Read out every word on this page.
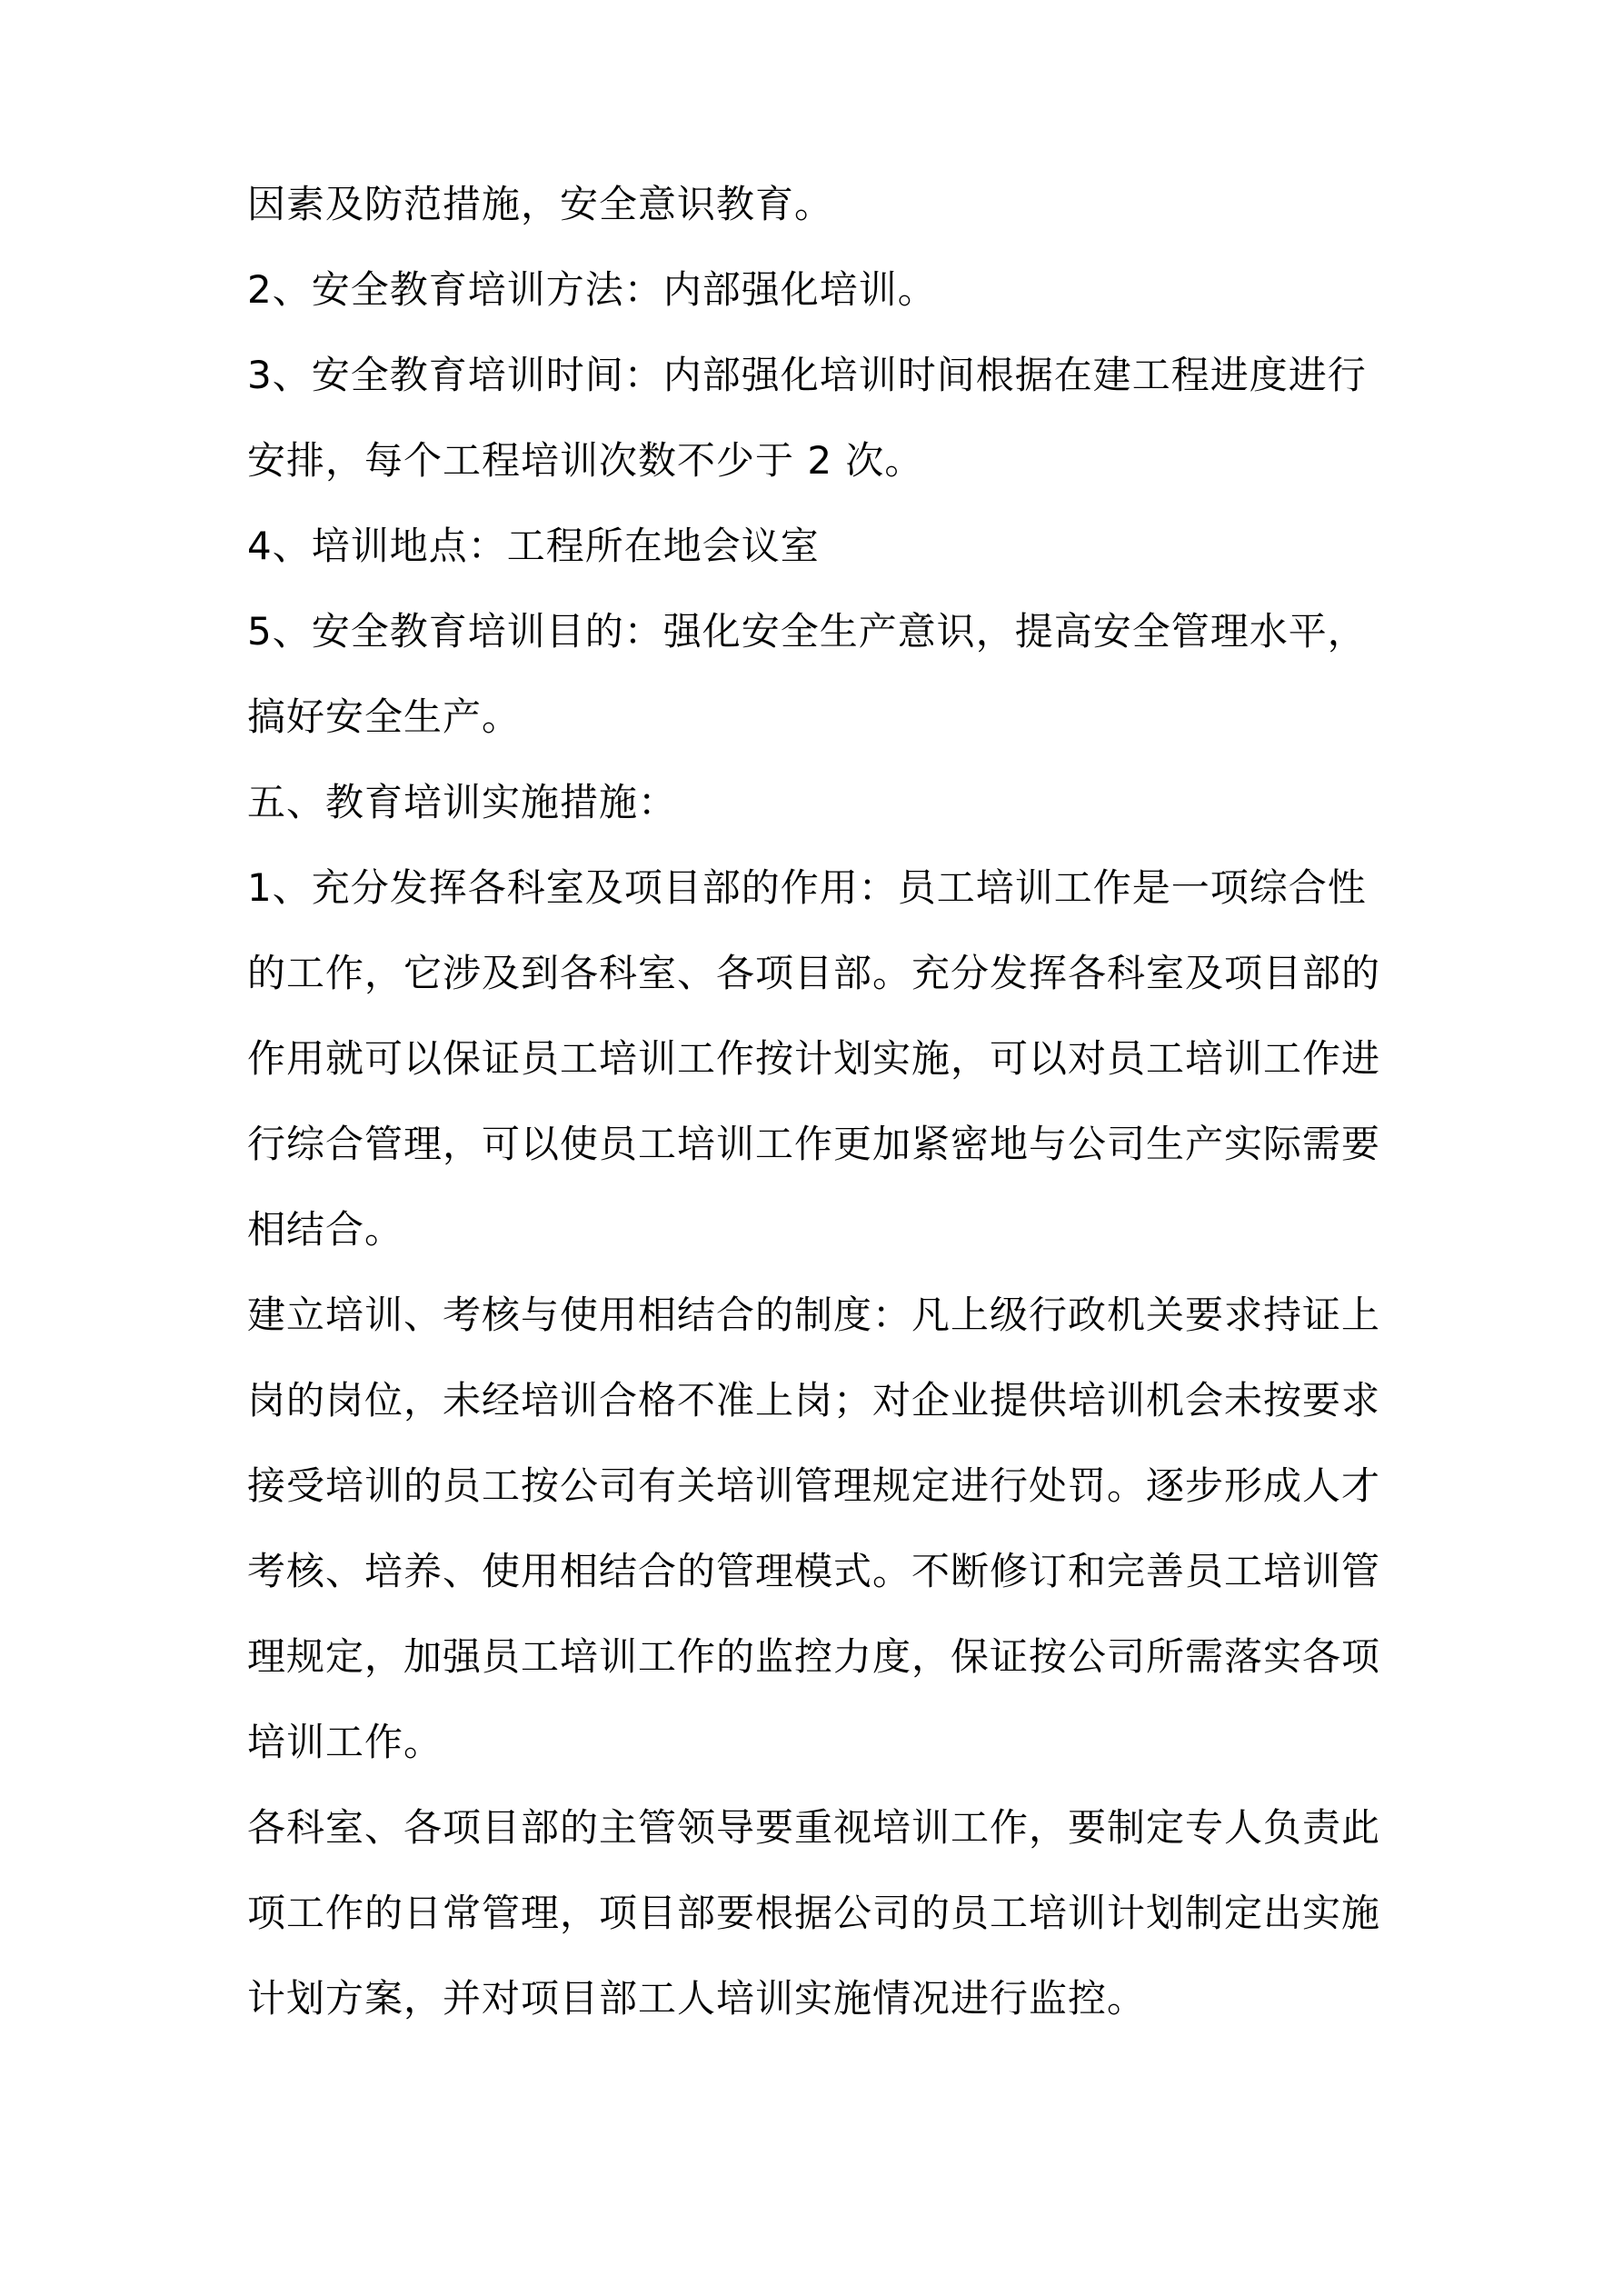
因素及防范措施，安全意识教育。

2、安全教育培训方法：内部强化培训。

3、安全教育培训时间：内部强化培训时间根据在建工程进度进行安排，每个工程培训次数不少于 2 次。

4、培训地点：工程所在地会议室

5、安全教育培训目的：强化安全生产意识，提高安全管理水平，搞好安全生产。

五、教育培训实施措施：

1、充分发挥各科室及项目部的作用：员工培训工作是一项综合性的工作，它涉及到各科室、各项目部。充分发挥各科室及项目部的作用就可以保证员工培训工作按计划实施，可以对员工培训工作进行综合管理，可以使员工培训工作更加紧密地与公司生产实际需要相结合。

建立培训、考核与使用相结合的制度：凡上级行政机关要求持证上岗的岗位，未经培训合格不准上岗；对企业提供培训机会未按要求接受培训的员工按公司有关培训管理规定进行处罚。逐步形成人才考核、培养、使用相结合的管理模式。不断修订和完善员工培训管理规定，加强员工培训工作的监控力度，保证按公司所需落实各项培训工作。

各科室、各项目部的主管领导要重视培训工作，要制定专人负责此项工作的日常管理，项目部要根据公司的员工培训计划制定出实施计划方案，并对项目部工人培训实施情况进行监控。
